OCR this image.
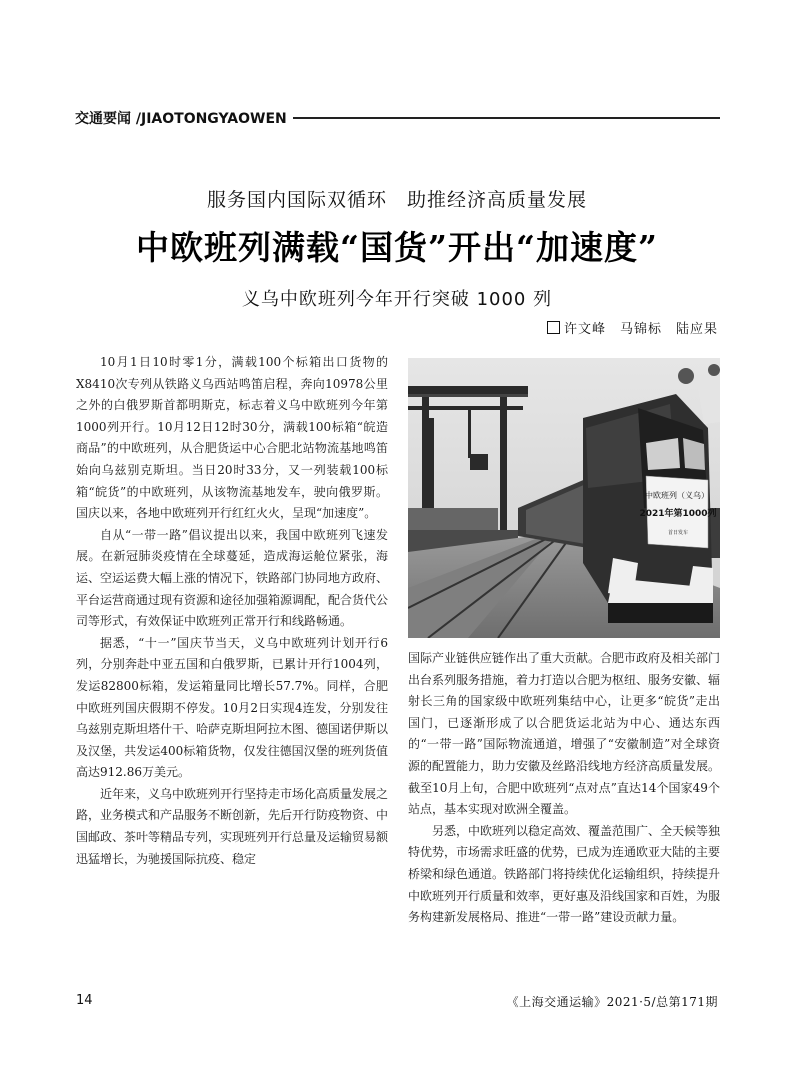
交通要闻 /JIAOTONGYAOWEN
服务国内国际双循环　助推经济高质量发展
中欧班列满载“国货”开出“加速度”
义乌中欧班列今年开行突破 1000 列
许文峰　马锦标　陆应果

10月1日10时零1分，满载100个标箱出口货物的X8410次专列从铁路义乌西站鸣笛启程，奔向10978公里之外的白俄罗斯首都明斯克，标志着义乌中欧班列今年第1000列开行。10月12日12时30分，满载100标箱“皖造商品”的中欧班列，从合肥货运中心合肥北站物流基地鸣笛始向乌兹别克斯坦。当日20时33分，又一列装载100标箱“皖货”的中欧班列，从该物流基地发车，驶向俄罗斯。国庆以来，各地中欧班列开行红红火火，呈现“加速度”。

自从“一带一路”倡议提出以来，我国中欧班列飞速发展。在新冠肺炎疫情在全球蔓延，造成海运舱位紧张，海运、空运运费大幅上涨的情况下，铁路部门协同地方政府、平台运营商通过现有资源和途径加强箱源调配，配合货代公司等形式，有效保证中欧班列正常开行和线路畅通。

据悉，“十一”国庆节当天，义乌中欧班列计划开行6列，分别奔赴中亚五国和白俄罗斯，已累计开行1004列，发运82800标箱，发运箱量同比增长57.7%。同样，合肥中欧班列国庆假期不停发。10月2日实现4连发，分别发往乌兹别克斯坦塔什干、哈萨克斯坦阿拉木图、德国诺伊斯以及汉堡，共发运400标箱货物，仅发往德国汉堡的班列货值高达912.86万美元。

近年来，义乌中欧班列开行坚持走市场化高质量发展之路，业务模式和产品服务不断创新，先后开行防疫物资、中国邮政、茶叶等精品专列，实现班列开行总量及运输贸易额迅猛增长，为驰援国际抗疫、稳定

中欧班列（义乌）
2021年第1000列
首日发车

国际产业链供应链作出了重大贡献。合肥市政府及相关部门出台系列服务措施，着力打造以合肥为枢纽、服务安徽、辐射长三角的国家级中欧班列集结中心，让更多“皖货”走出国门，已逐渐形成了以合肥货运北站为中心、通达东西的“一带一路”国际物流通道，增强了“安徽制造”对全球资源的配置能力，助力安徽及丝路沿线地方经济高质量发展。截至10月上旬，合肥中欧班列“点对点”直达14个国家49个站点，基本实现对欧洲全覆盖。

另悉，中欧班列以稳定高效、覆盖范围广、全天候等独特优势，市场需求旺盛的优势，已成为连通欧亚大陆的主要桥梁和绿色通道。铁路部门将持续优化运输组织，持续提升中欧班列开行质量和效率，更好惠及沿线国家和百姓，为服务构建新发展格局、推进“一带一路”建设贡献力量。

14	《上海交通运输》2021·5/总第171期
